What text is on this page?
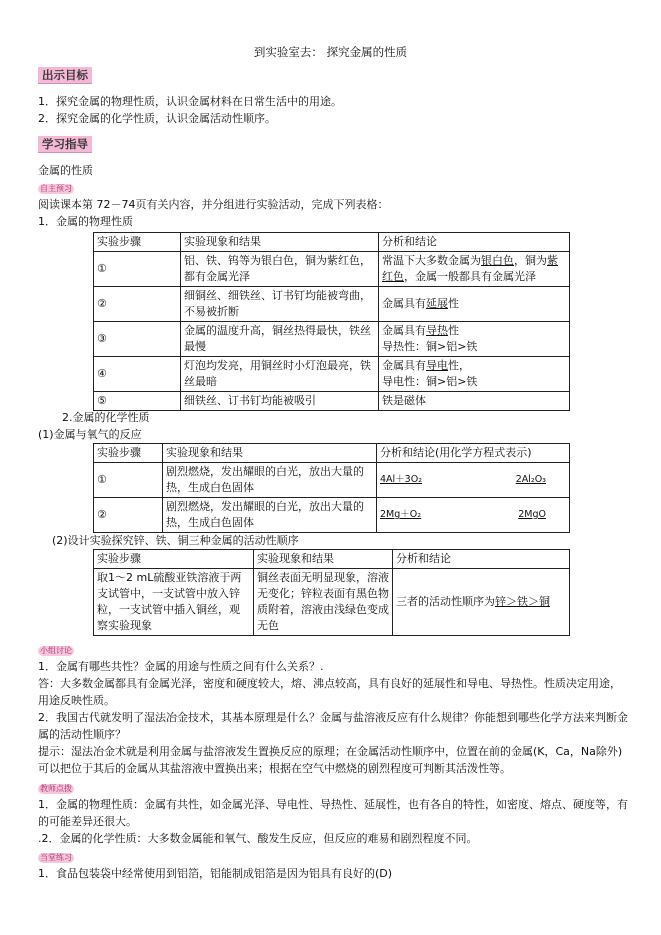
到实验室去： 探究金属的性质
出示目标
1．探究金属的物理性质，认识金属材料在日常生活中的用途。
2．探究金属的化学性质，认识金属活动性顺序。
学习指导
金属的性质
自主预习
阅读课本第 72－74页有关内容，并分组进行实验活动，完成下列表格：
1．金属的物理性质
实验步骤	实验现象和结果	分析和结论
①	铝、铁、钨等为银白色，铜为紫红色，都有金属光泽	常温下大多数金属为银白色，铜为紫红色，金属一般都具有金属光泽
②	细铜丝、细铁丝、订书钉均能被弯曲，不易被折断	金属具有延展性
③	金属的温度升高，铜丝热得最快，铁丝最慢	金属具有导热性
导热性：铜>铝>铁
④	灯泡均发亮，用铜丝时小灯泡最亮，铁丝最暗	金属具有导电性，
导电性：铜>铝>铁
⑤	细铁丝、订书钉均能被吸引	铁是磁体
2.金属的化学性质
(1)金属与氧气的反应
实验步骤	实验现象和结果	分析和结论(用化学方程式表示)
①	剧烈燃烧，发出耀眼的白光，放出大量的热，生成白色固体	4Al＋3O₂ 2Al₂O₃

②	剧烈燃烧，发出耀眼的白光，放出大量的热，生成白色固体	2Mg＋O₂ 2MgO
(2)设计实验探究锌、铁、铜三种金属的活动性顺序
实验步骤	实验现象和结果	分析和结论
取1～2 mL硫酸亚铁溶液于两支试管中，一支试管中放入锌粒，一支试管中插入铜丝，观察实验现象	铜丝表面无明显现象，溶液无变化；锌粒表面有黑色物质附着，溶液由浅绿色变成无色	三者的活动性顺序为锌＞铁＞铜
小组讨论
1．金属有哪些共性？金属的用途与性质之间有什么关系？.
答：大多数金属都具有金属光泽，密度和硬度较大，熔、沸点较高，具有良好的延展性和导电、导热性。性质决定用途，用途反映性质。
2．我国古代就发明了湿法冶金技术，其基本原理是什么？金属与盐溶液反应有什么规律？你能想到哪些化学方法来判断金属的活动性顺序？
提示：湿法冶金术就是利用金属与盐溶液发生置换反应的原理；在金属活动性顺序中，位置在前的金属(K，Ca，Na除外)可以把位于其后的金属从其盐溶液中置换出来；根据在空气中燃烧的剧烈程度可判断其活泼性等。
教师点拨
1．金属的物理性质：金属有共性，如金属光泽、导电性、导热性、延展性，也有各自的特性，如密度、熔点、硬度等，有的可能差异还很大。
.2．金属的化学性质：大多数金属能和氧气、酸发生反应，但反应的难易和剧烈程度不同。
当堂练习
1．食品包装袋中经常使用到铝箔，铝能制成铝箔是因为铝具有良好的(D)
